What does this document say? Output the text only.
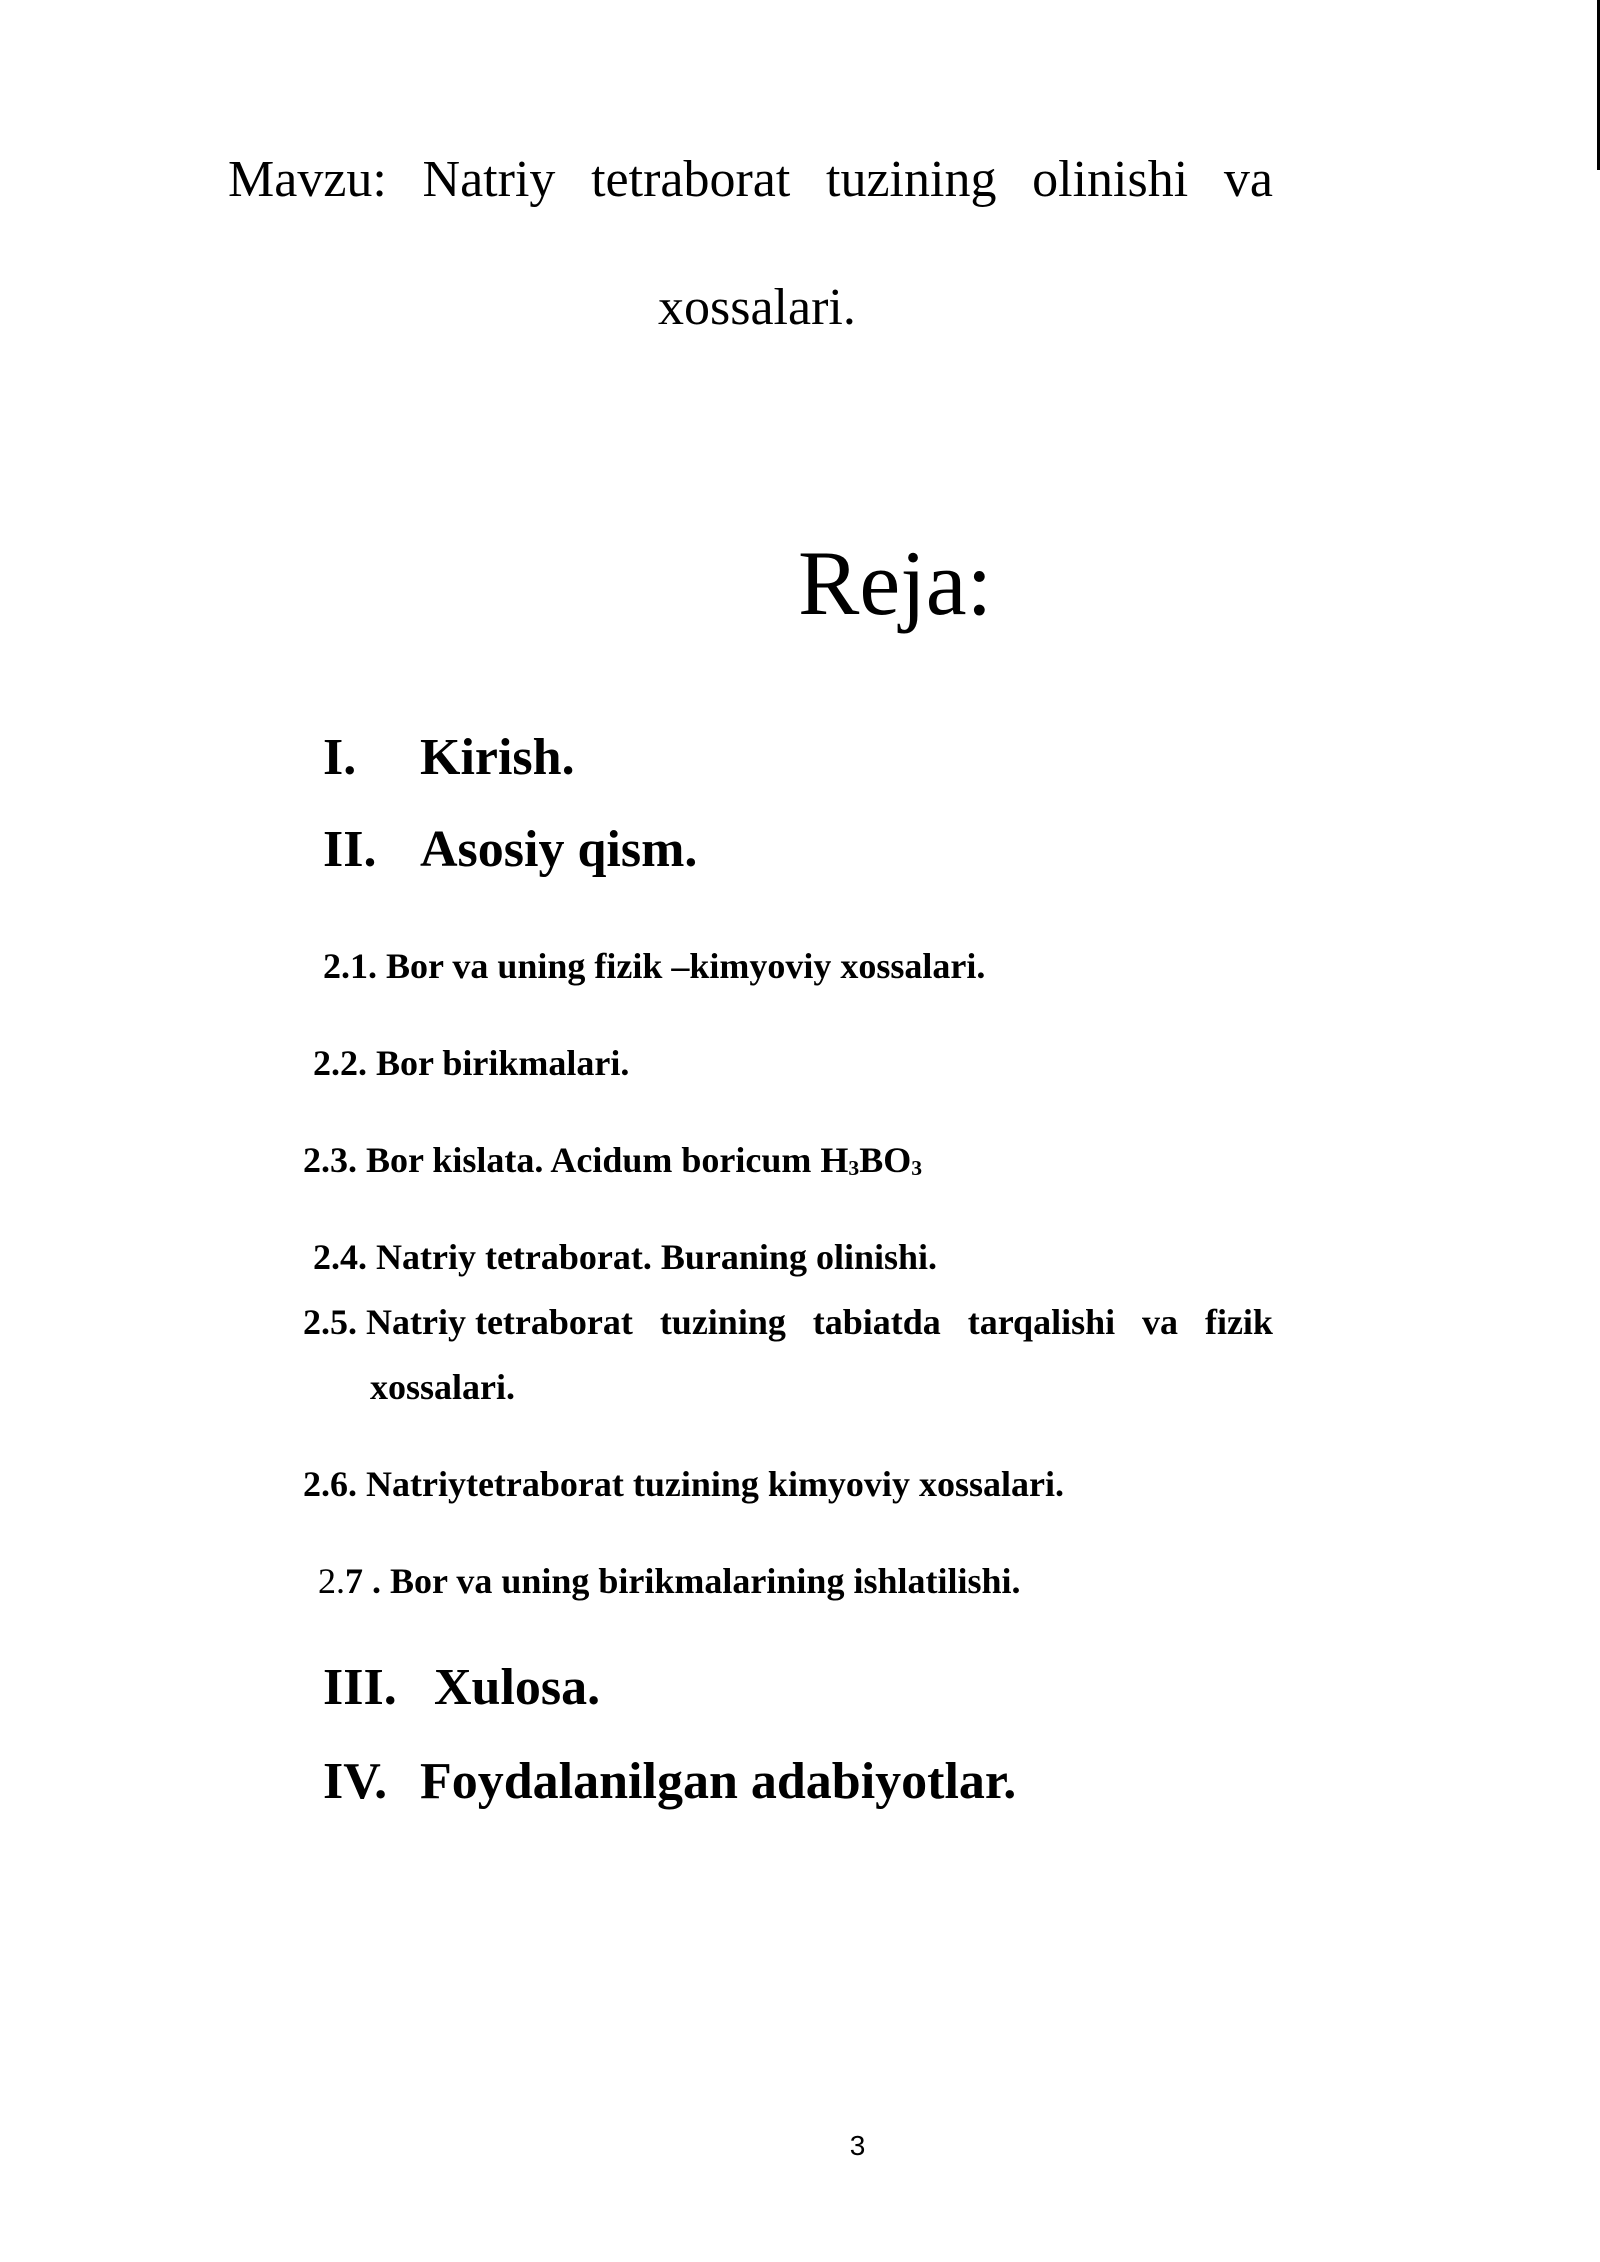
Mavzu: Natriy tetraborat tuzining olinishi va
xossalari.
Reja:
I. Kirish.
II. Asosiy qism.
2.1. Bor va uning fizik –kimyoviy xossalari.
2.2. Bor birikmalari.
2.3. Bor kislata. Acidum boricum $H_3BO_3$
2.4. Natriy tetraborat. Buraning olinishi.
2.5. Natriy tetraborat tuzining tabiatda tarqalishi va fizik
xossalari.
2.6. Natriytetraborat tuzining kimyoviy xossalari.
2.7 . Bor va uning birikmalarining ishlatilishi.
III. Xulosa.
IV. Foydalanilgan adabiyotlar.
3
